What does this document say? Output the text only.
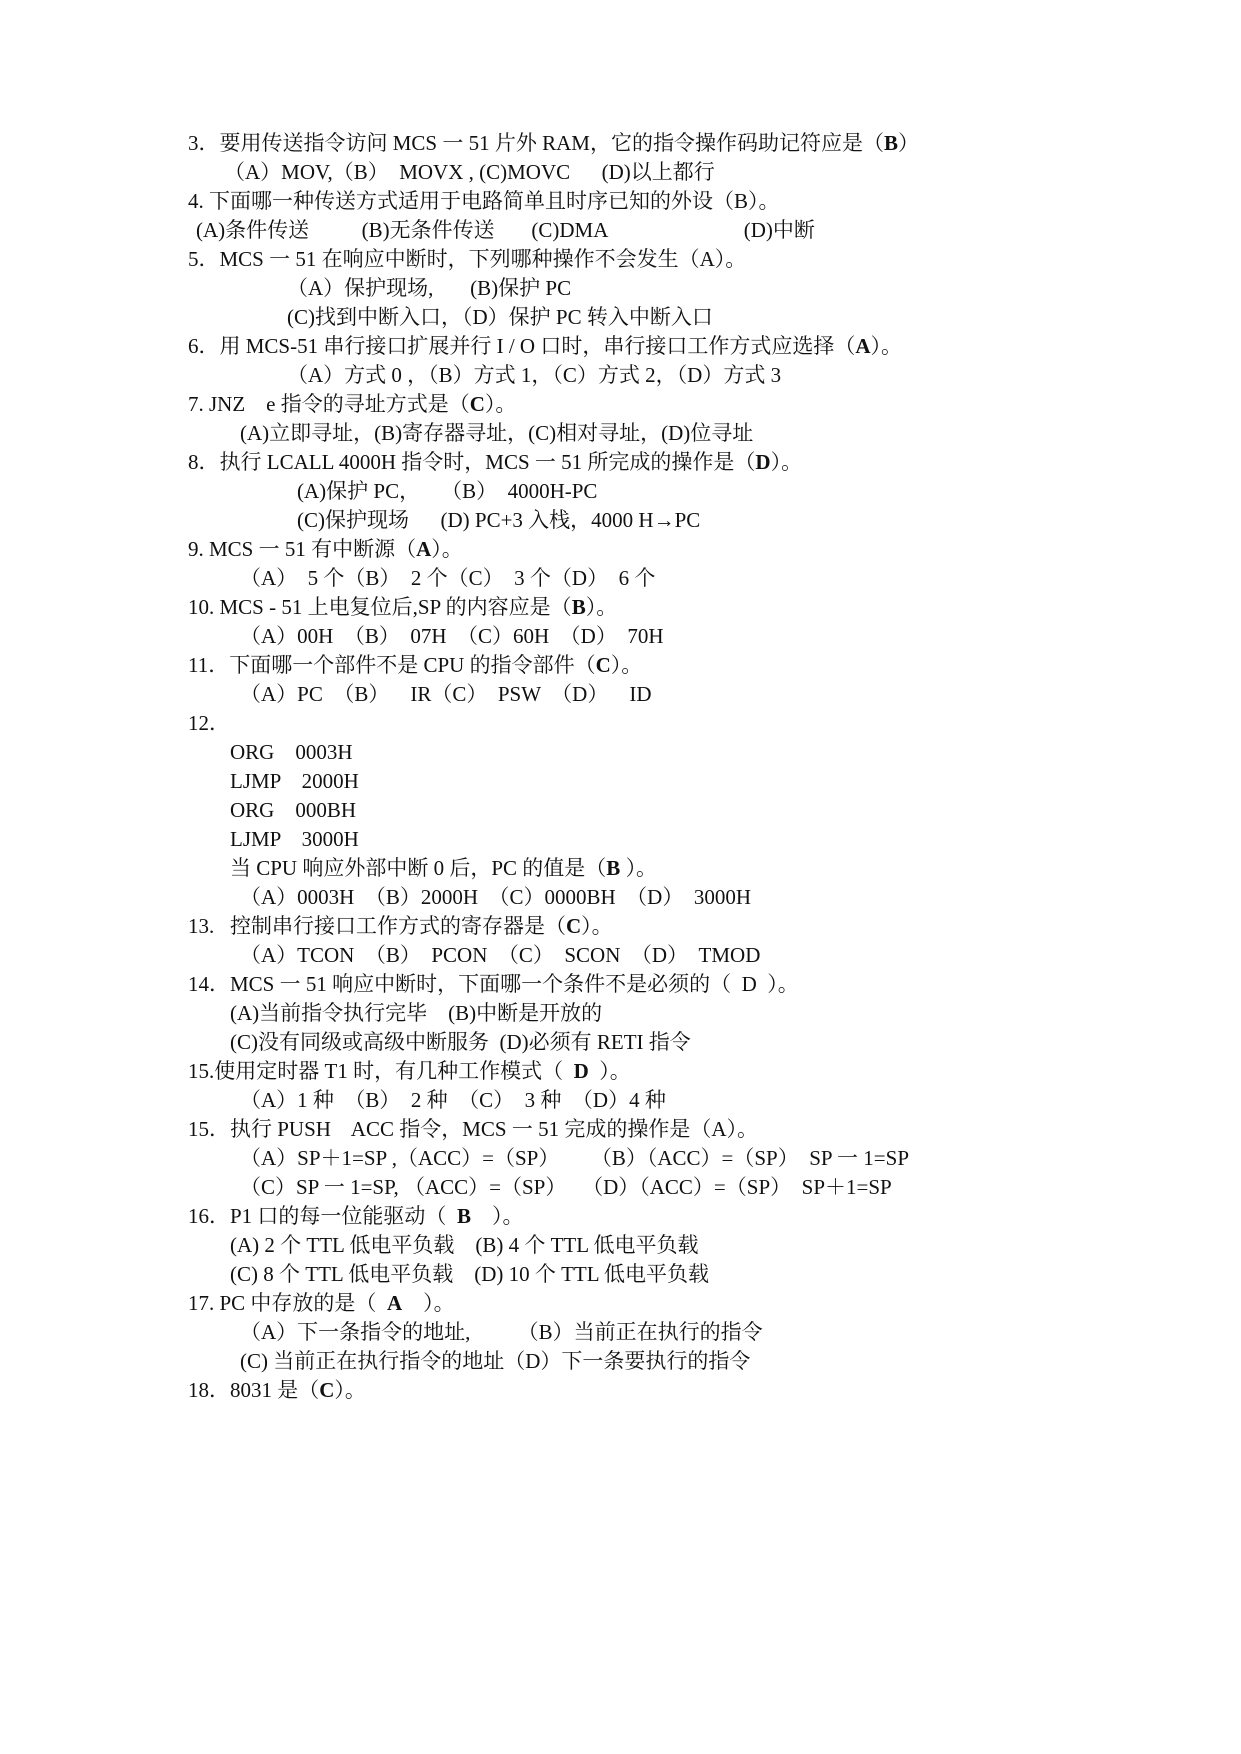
3．要用传送指令访问 MCS 一 51 片外 RAM，它的指令操作码助记符应是（B）
（A）MOV,（B）  MOVX , (C)MOVC      (D)以上都行
4. 下面哪一种传送方式适用于电路简单且时序已知的外设（B）。
(A)条件传送          (B)无条件传送       (C)DMA                          (D)中断
5．MCS 一 51 在响应中断时，下列哪种操作不会发生（A）。
（A）保护现场,       (B)保护 PC
(C)找到中断入口，（D）保护 PC 转入中断入口
6．用 MCS-51 串行接口扩展并行 I / O 口时，串行接口工作方式应选择（A）。
（A）方式 0 ，（B）方式 1，（C）方式 2，（D）方式 3
7. JNZ    e 指令的寻址方式是（C）。
(A)立即寻址，(B)寄存器寻址，(C)相对寻址，(D)位寻址
8．执行 LCALL 4000H 指令时，MCS 一 51 所完成的操作是（D）。
(A)保护 PC，    （B）  4000H-PC
(C)保护现场      (D) PC+3 入栈，4000 H→PC
9. MCS 一 51 有中断源（A）。
（A）  5 个（B）  2 个（C）  3 个（D）  6 个
10. MCS - 51 上电复位后,SP 的内容应是（B）。
（A）00H  （B）  07H  （C）60H  （D）  70H
11．下面哪一个部件不是 CPU 的指令部件（C）。
（A）PC  （B）    IR（C）  PSW  （D）    ID
12．
ORG    0003H
LJMP    2000H
ORG    000BH
LJMP    3000H
当 CPU 响应外部中断 0 后，PC 的值是（B ）。
（A）0003H  （B）2000H  （C）0000BH  （D）  3000H
13.   控制串行接口工作方式的寄存器是（C）。
（A）TCON  （B）  PCON  （C）  SCON  （D）  TMOD
14．MCS 一 51 响应中断时，下面哪一个条件不是必须的（  D  ）。
(A)当前指令执行完毕    (B)中断是开放的
(C)没有同级或高级中断服务  (D)必须有 RETI 指令
15.使用定时器 T1 时，有几种工作模式（  D  ）。
（A）1 种  （B）  2 种  （C）  3 种  （D）4 种
15．执行 PUSH    ACC 指令，MCS 一 51 完成的操作是（A）。
（A）SP＋1=SP ,（ACC）=（SP）      （B）（ACC）=（SP）  SP 一 1=SP
（C）SP 一 1=SP, （ACC）=（SP）   （D）（ACC）=（SP）  SP＋1=SP
16．P1 口的每一位能驱动（  B    ）。
(A) 2 个 TTL 低电平负载    (B) 4 个 TTL 低电平负载
(C) 8 个 TTL 低电平负载    (D) 10 个 TTL 低电平负载
17. PC 中存放的是（  A    ）。
（A）下一条指令的地址,         （B）当前正在执行的指令
(C) 当前正在执行指令的地址（D）下一条要执行的指令
18．8031 是（C）。
